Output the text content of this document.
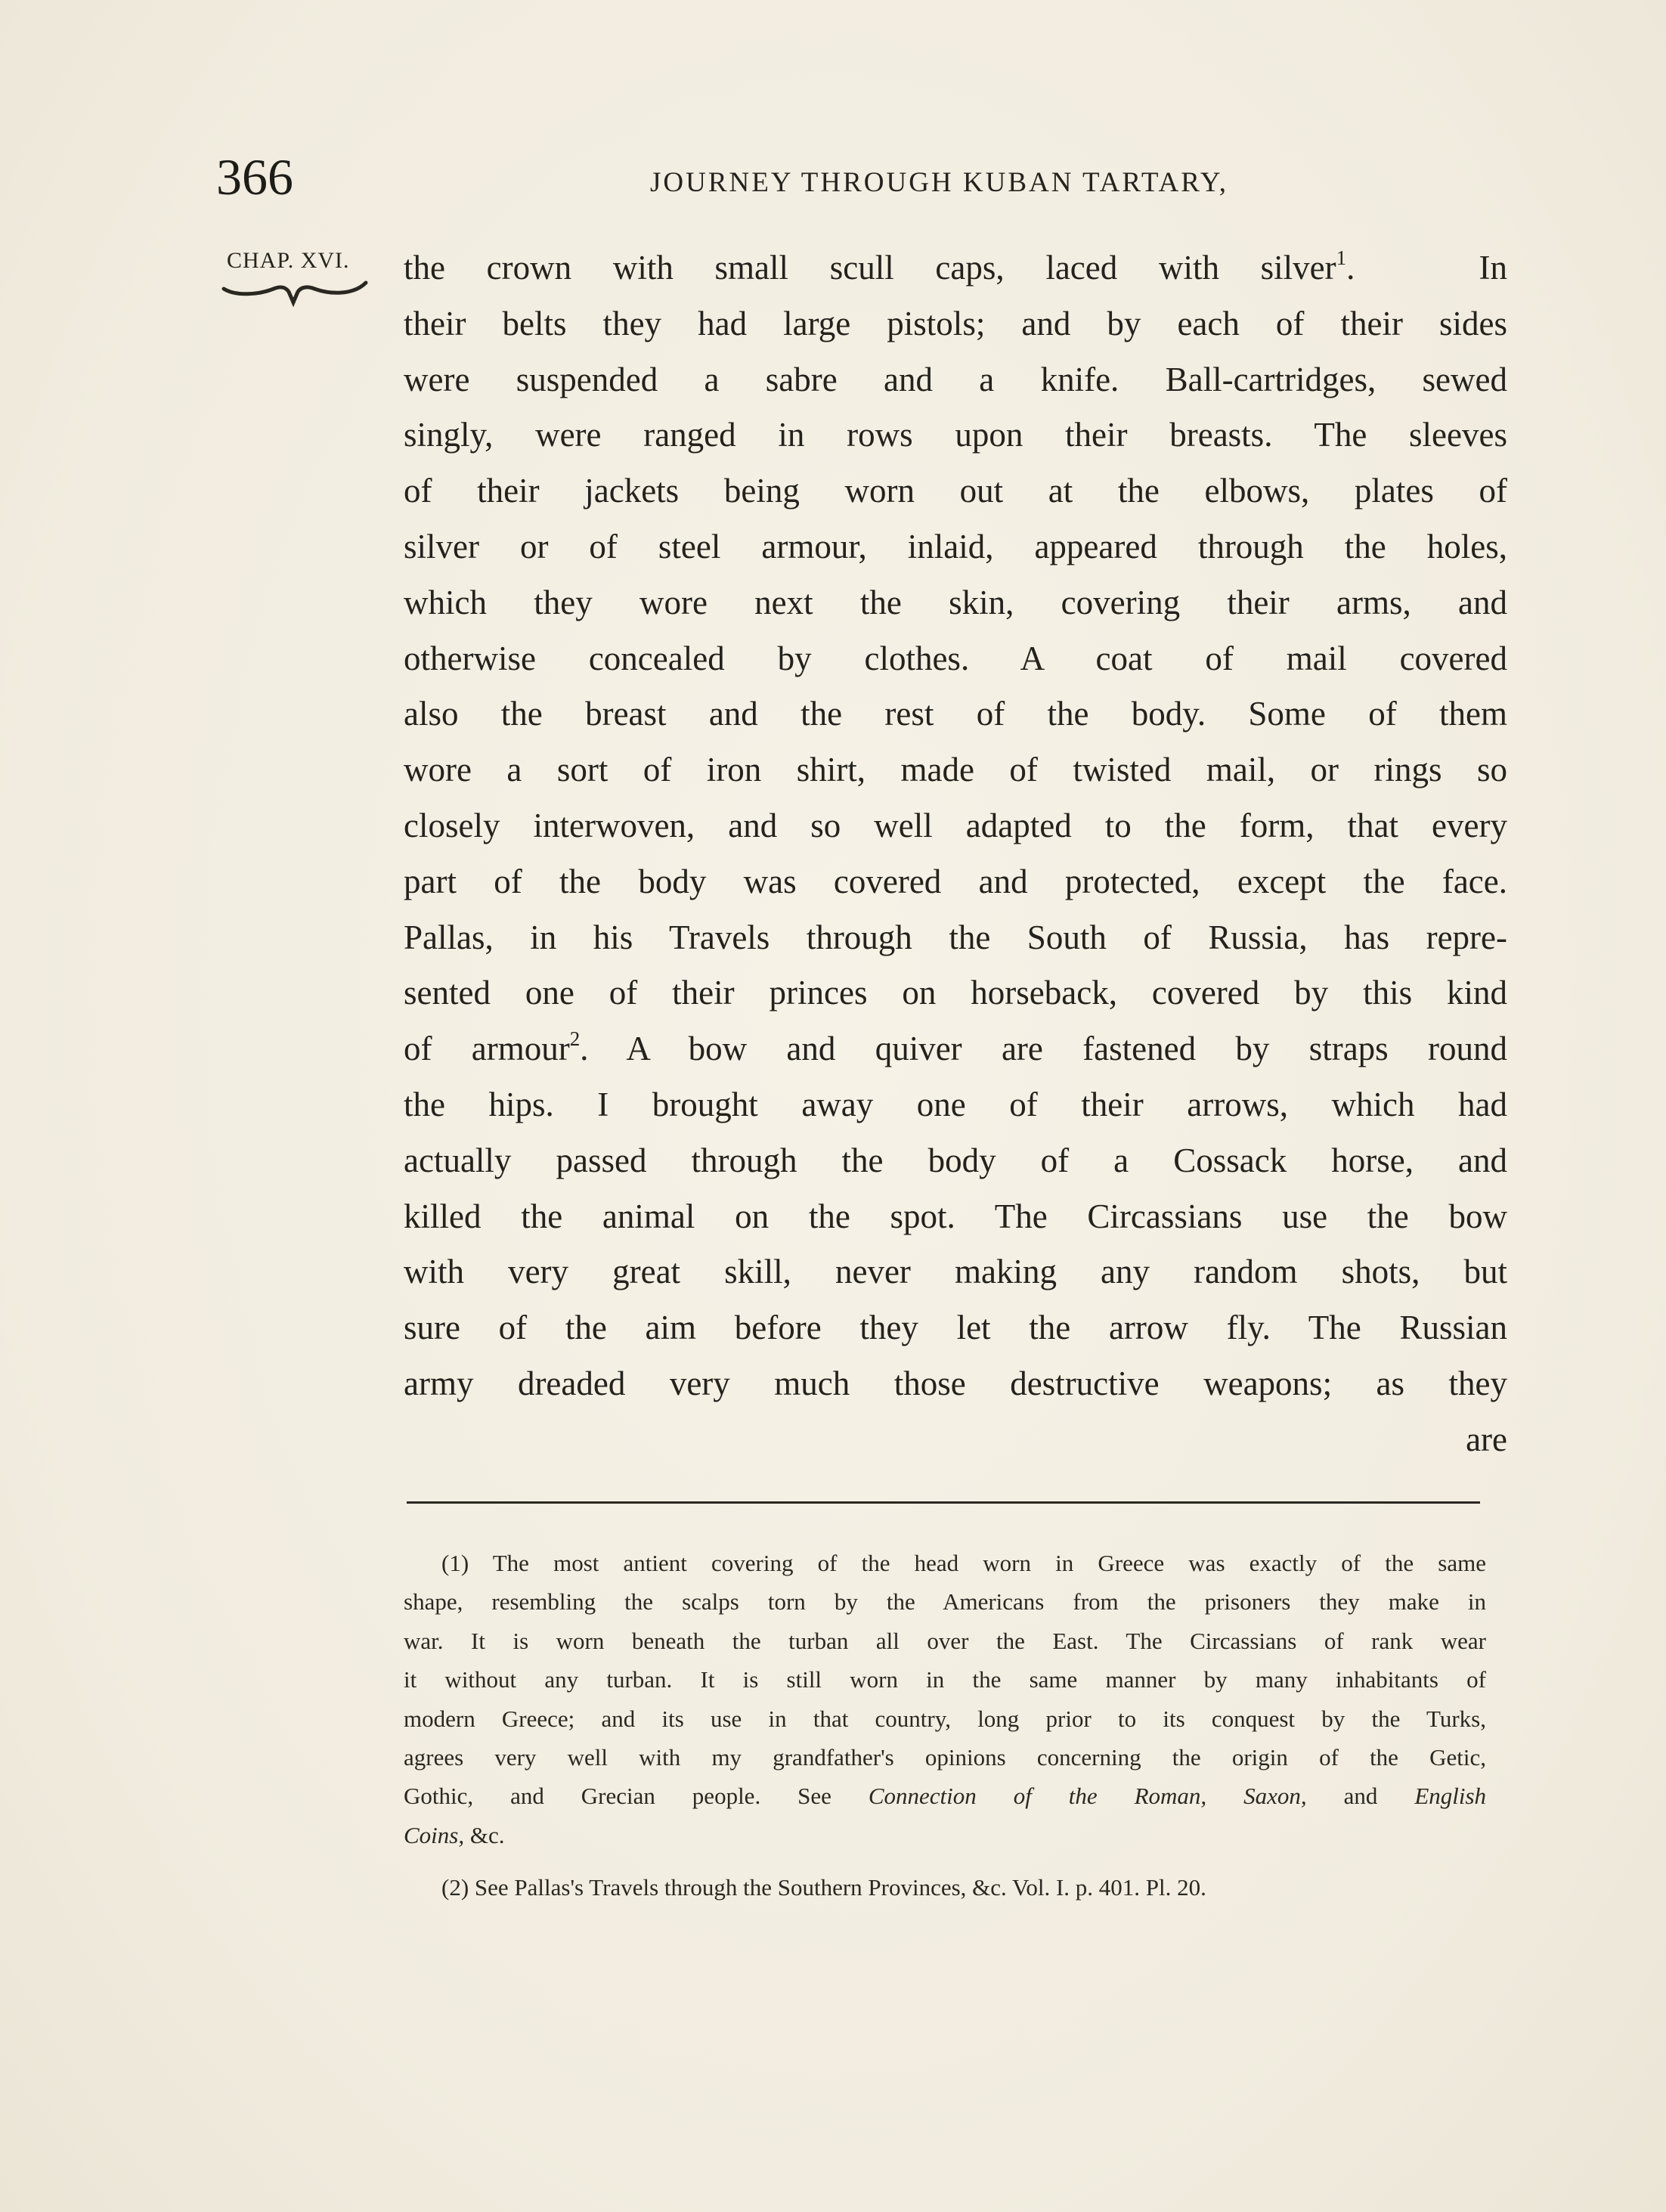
366	JOURNEY THROUGH KUBAN TARTARY,
CHAP. XVI. the crown with small scull caps, laced with silver$^1$.   In
their belts they had large pistols; and by each of their sides
were suspended a sabre and a knife. Ball-cartridges, sewed
singly, were ranged in rows upon their breasts. The sleeves
of their jackets being worn out at the elbows, plates of
silver or of steel armour, inlaid, appeared through the holes,
which they wore next the skin, covering their arms, and
otherwise concealed by clothes. A coat of mail covered
also the breast and the rest of the body. Some of them
wore a sort of iron shirt, made of twisted mail, or rings so
closely interwoven, and so well adapted to the form, that every
part of the body was covered and protected, except the face.
Pallas, in his Travels through the South of Russia, has repre-
sented one of their princes on horseback, covered by this kind
of armour$^2$. A bow and quiver are fastened by straps round
the hips. I brought away one of their arrows, which had
actually passed through the body of a Cossack horse, and
killed the animal on the spot. The Circassians use the bow
with very great skill, never making any random shots, but
sure of the aim before they let the arrow fly. The Russian
army dreaded very much those destructive weapons; as they
are
(1) The most antient covering of the head worn in Greece was exactly of the same
shape, resembling the scalps torn by the Americans from the prisoners they make in
war. It is worn beneath the turban all over the East. The Circassians of rank wear
it without any turban. It is still worn in the same manner by many inhabitants of
modern Greece; and its use in that country, long prior to its conquest by the Turks,
agrees very well with my grandfather's opinions concerning the origin of the Getic,
Gothic, and Grecian people. See Connection of the Roman, Saxon, and English
Coins, &c.
(2) See Pallas's Travels through the Southern Provinces, &c. Vol. I. p. 401. Pl. 20.
